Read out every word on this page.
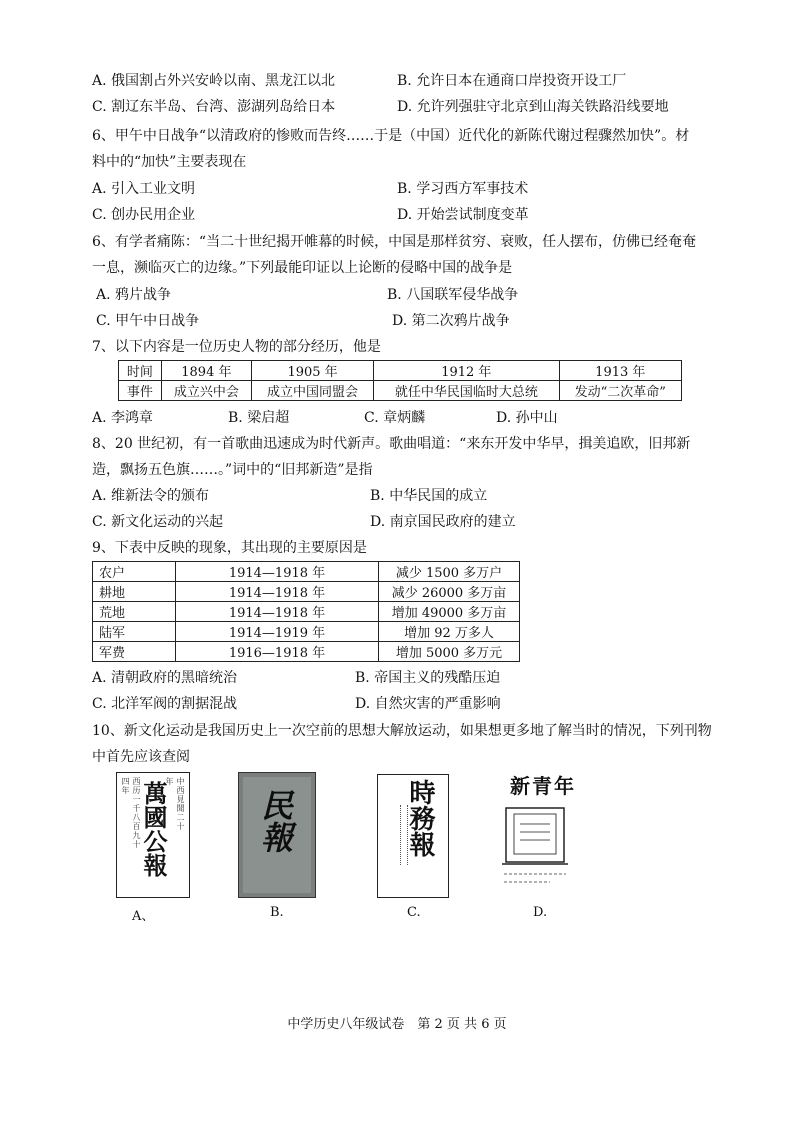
A. 俄国割占外兴安岭以南、黑龙江以北	B. 允许日本在通商口岸投资开设工厂
C. 割辽东半岛、台湾、澎湖列岛给日本	D. 允许列强驻守北京到山海关铁路沿线要地
6、甲午中日战争“以清政府的惨败而告终……于是（中国）近代化的新陈代谢过程骤然加快”。材
料中的“加快”主要表现在
A. 引入工业文明	B. 学习西方军事技术
C. 创办民用企业	D. 开始尝试制度变革
6、有学者痛陈：“当二十世纪揭开帷幕的时候，中国是那样贫穷、衰败，任人摆布，仿佛已经奄奄
一息，濒临灭亡的边缘。”下列最能印证以上论断的侵略中国的战争是
A. 鸦片战争	B. 八国联军侵华战争
C. 甲午中日战争	D. 第二次鸦片战争
7、以下内容是一位历史人物的部分经历，他是
时间	1894 年	1905 年	1912 年	1913 年
事件	成立兴中会	成立中国同盟会	就任中华民国临时大总统	发动“二次革命”
A. 李鸿章	B. 梁启超	C. 章炳麟	D. 孙中山
8、20 世纪初，有一首歌曲迅速成为时代新声。歌曲唱道：“来东开发中华早，揖美追欧，旧邦新
造，飘扬五色旗……。”词中的“旧邦新造”是指
A. 维新法令的颁布	B. 中华民国的成立
C. 新文化运动的兴起	D. 南京国民政府的建立
9、下表中反映的现象，其出现的主要原因是
农户	1914—1918 年	减少 1500 多万户
耕地	1914—1918 年	减少 26000 多万亩
荒地	1914—1918 年	增加 49000 多万亩
陆军	1914—1919 年	增加 92 万多人
军费	1916—1918 年	增加 5000 多万元
A. 清朝政府的黑暗统治	B. 帝国主义的残酷压迫
C. 北洋军阀的割据混战	D. 自然灾害的严重影响
10、新文化运动是我国历史上一次空前的思想大解放运动，如果想更多地了解当时的情况，下列刊物
中首先应该查阅
中西見聞二十年
西历一千八百九十四年 萬國公報
A、
民報
B.
時務報
C.
新青年
D.
中学历史八年级试卷　第 2 页 共 6 页
